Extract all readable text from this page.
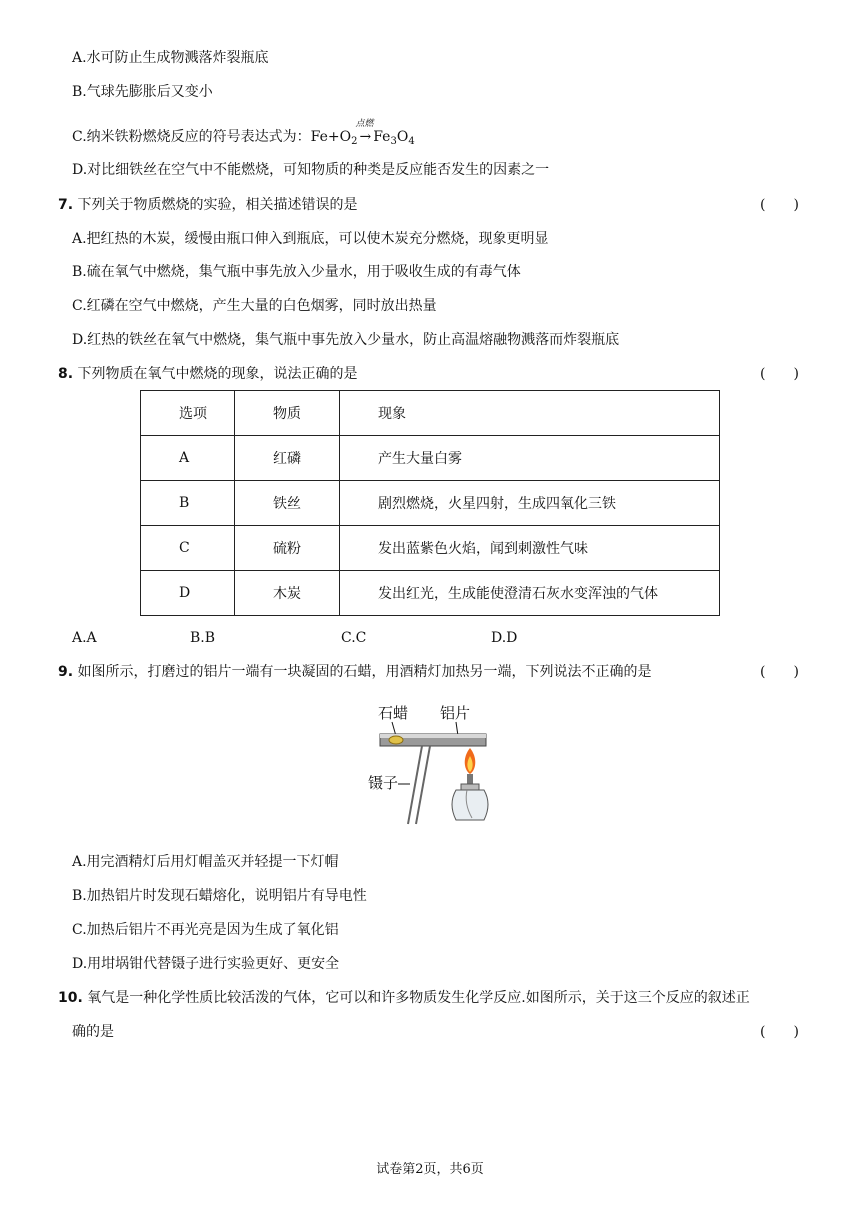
A.水可防止生成物溅落炸裂瓶底
B.气球先膨胀后又变小
C.纳米铁粉燃烧反应的符号表达式为：$Fe+O_2$
点燃
→ $Fe_3O_4$
D.对比细铁丝在空气中不能燃烧，可知物质的种类是反应能否发生的因素之一
7. 下列关于物质燃烧的实验，相关描述错误的是	(　　)
A.把红热的木炭，缓慢由瓶口伸入到瓶底，可以使木炭充分燃烧，现象更明显
B.硫在氧气中燃烧，集气瓶中事先放入少量水，用于吸收生成的有毒气体
C.红磷在空气中燃烧，产生大量的白色烟雾，同时放出热量
D.红热的铁丝在氧气中燃烧，集气瓶中事先放入少量水，防止高温熔融物溅落而炸裂瓶底
8. 下列物质在氧气中燃烧的现象，说法正确的是	(　　)
选项	物质	现象
A	红磷	产生大量白雾
B	铁丝	剧烈燃烧，火星四射，生成四氧化三铁
C	硫粉	发出蓝紫色火焰，闻到刺激性气味
D	木炭	发出红光，生成能使澄清石灰水变浑浊的气体
A.A	B.B	C.C	D.D
9. 如图所示，打磨过的铝片一端有一块凝固的石蜡，用酒精灯加热另一端，下列说法不正确的是	(　　)
石蜡 铝片
镊子
A.用完酒精灯后用灯帽盖灭并轻提一下灯帽
B.加热铝片时发现石蜡熔化，说明铝片有导电性
C.加热后铝片不再光亮是因为生成了氧化铝
D.用坩埚钳代替镊子进行实验更好、更安全
10. 氧气是一种化学性质比较活泼的气体，它可以和许多物质发生化学反应.如图所示，关于这三个反应的叙述正
确的是	(　　)
试卷第2页，共6页
